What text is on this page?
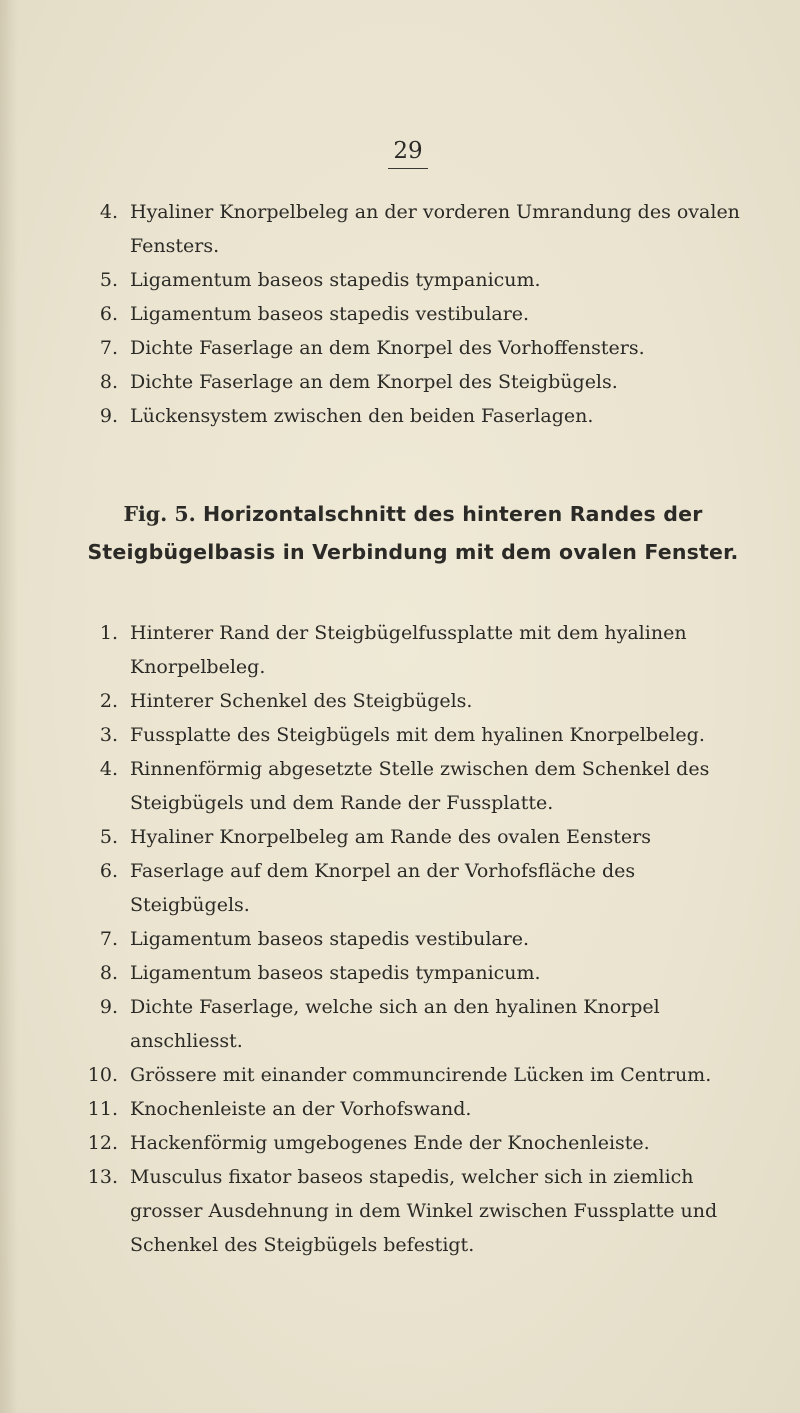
29
4. Hyaliner Knorpelbeleg an der vorderen Umrandung des ovalen Fensters.
5. Ligamentum baseos stapedis tympanicum.
6. Ligamentum baseos stapedis vestibulare.
7. Dichte Faserlage an dem Knorpel des Vorhoffensters.
8. Dichte Faserlage an dem Knorpel des Steigbügels.
9. Lückensystem zwischen den beiden Faserlagen.
Fig. 5. Horizontalschnitt des hinteren Randes der Steigbügelbasis in Verbindung mit dem ovalen Fenster.
1. Hinterer Rand der Steigbügelfussplatte mit dem hyalinen Knorpelbeleg.
2. Hinterer Schenkel des Steigbügels.
3. Fussplatte des Steigbügels mit dem hyalinen Knorpelbeleg.
4. Rinnenförmig abgesetzte Stelle zwischen dem Schenkel des Steigbügels und dem Rande der Fussplatte.
5. Hyaliner Knorpelbeleg am Rande des ovalen Eensters
6. Faserlage auf dem Knorpel an der Vorhofsfläche des Steigbügels.
7. Ligamentum baseos stapedis vestibulare.
8. Ligamentum baseos stapedis tympanicum.
9. Dichte Faserlage, welche sich an den hyalinen Knorpel anschliesst.
10. Grössere mit einander communcirende Lücken im Centrum.
11. Knochenleiste an der Vorhofswand.
12. Hackenförmig umgebogenes Ende der Knochenleiste.
13. Musculus fixator baseos stapedis, welcher sich in ziemlich grosser Ausdehnung in dem Winkel zwischen Fussplatte und Schenkel des Steigbügels befestigt.
